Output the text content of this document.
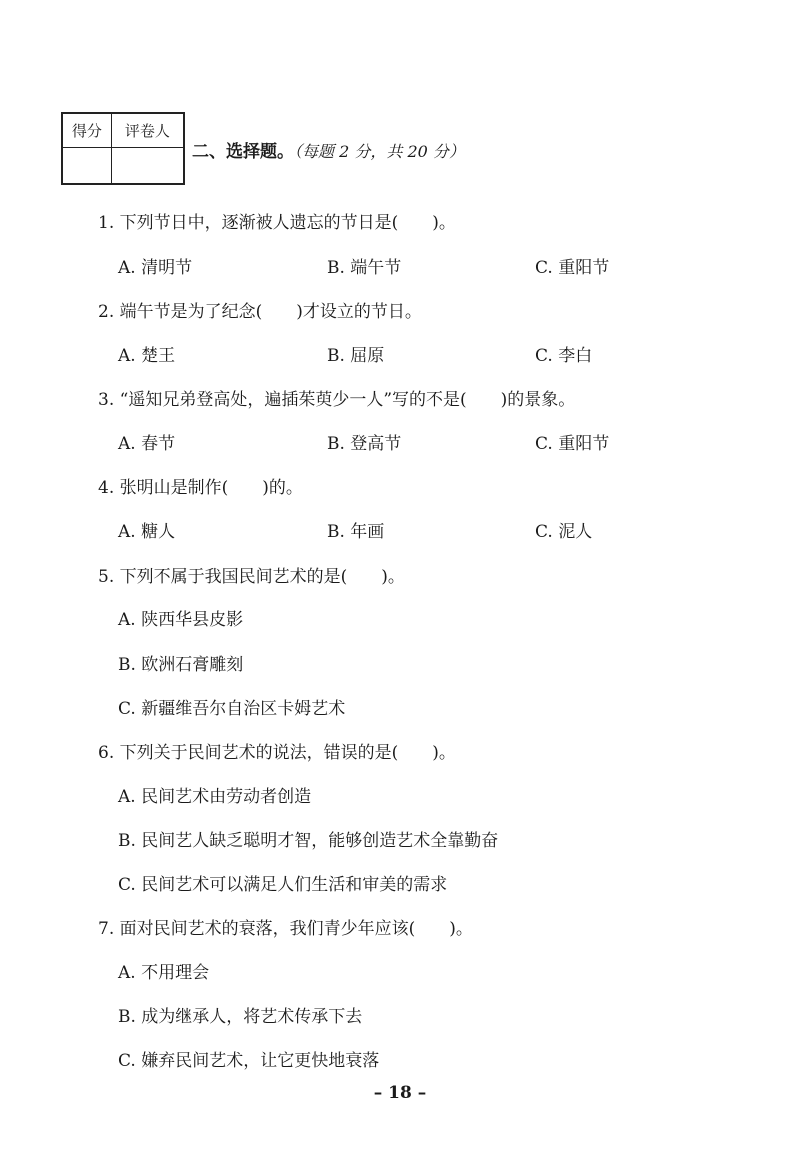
得分	评卷人

二、选择题。（每题 2 分，共 20 分）
1. 下列节日中，逐渐被人遗忘的节日是(　　)。
A. 清明节	B. 端午节	C. 重阳节
2. 端午节是为了纪念(　　)才设立的节日。
A. 楚王	B. 屈原	C. 李白
3. “遥知兄弟登高处，遍插茱萸少一人”写的不是(　　)的景象。
A. 春节	B. 登高节	C. 重阳节
4. 张明山是制作(　　)的。
A. 糖人	B. 年画	C. 泥人
5. 下列不属于我国民间艺术的是(　　)。
A. 陕西华县皮影
B. 欧洲石膏雕刻
C. 新疆维吾尔自治区卡姆艺术
6. 下列关于民间艺术的说法，错误的是(　　)。
A. 民间艺术由劳动者创造
B. 民间艺人缺乏聪明才智，能够创造艺术全靠勤奋
C. 民间艺术可以满足人们生活和审美的需求
7. 面对民间艺术的衰落，我们青少年应该(　　)。
A. 不用理会
B. 成为继承人，将艺术传承下去
C. 嫌弃民间艺术，让它更快地衰落
– 18 –
